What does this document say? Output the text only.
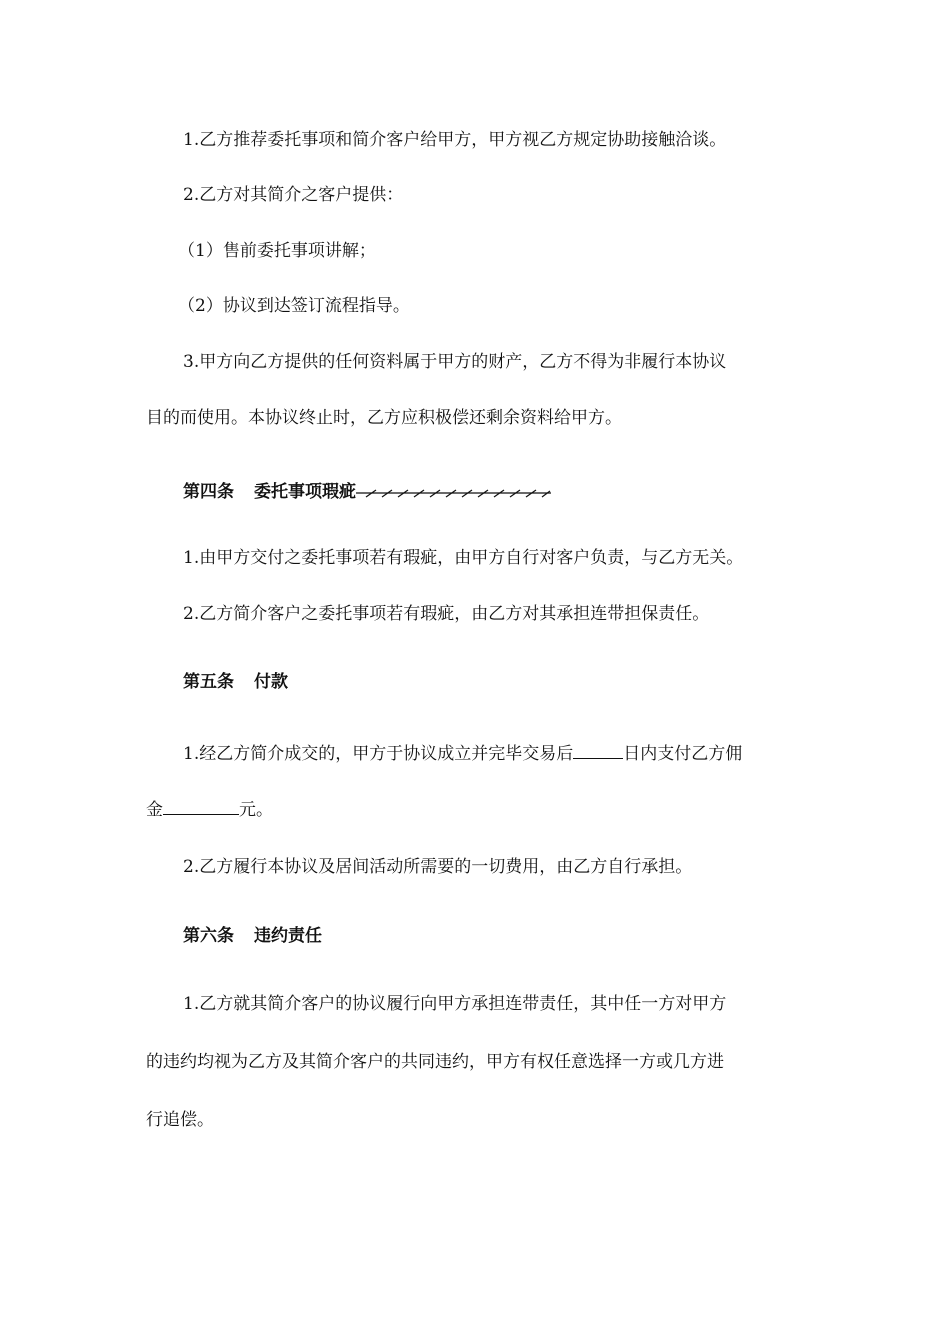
1.乙方推荐委托事项和简介客户给甲方，甲方视乙方规定协助接触洽谈。
2.乙方对其简介之客户提供：
（1）售前委托事项讲解；
（2）协议到达签订流程指导。
3.甲方向乙方提供的任何资料属于甲方的财产，乙方不得为非履行本协议
目的而使用。本协议终止时，乙方应积极偿还剩余资料给甲方。
第四条 委托事项瑕疵
1.由甲方交付之委托事项若有瑕疵，由甲方自行对客户负责，与乙方无关。
2.乙方简介客户之委托事项若有瑕疵，由乙方对其承担连带担保责任。
第五条 付款
1.经乙方简介成交的，甲方于协议成立并完毕交易后	日内支付乙方佣
金	元。
2.乙方履行本协议及居间活动所需要的一切费用，由乙方自行承担。
第六条 违约责任
1.乙方就其简介客户的协议履行向甲方承担连带责任，其中任一方对甲方
的违约均视为乙方及其简介客户的共同违约，甲方有权任意选择一方或几方进
行追偿。
